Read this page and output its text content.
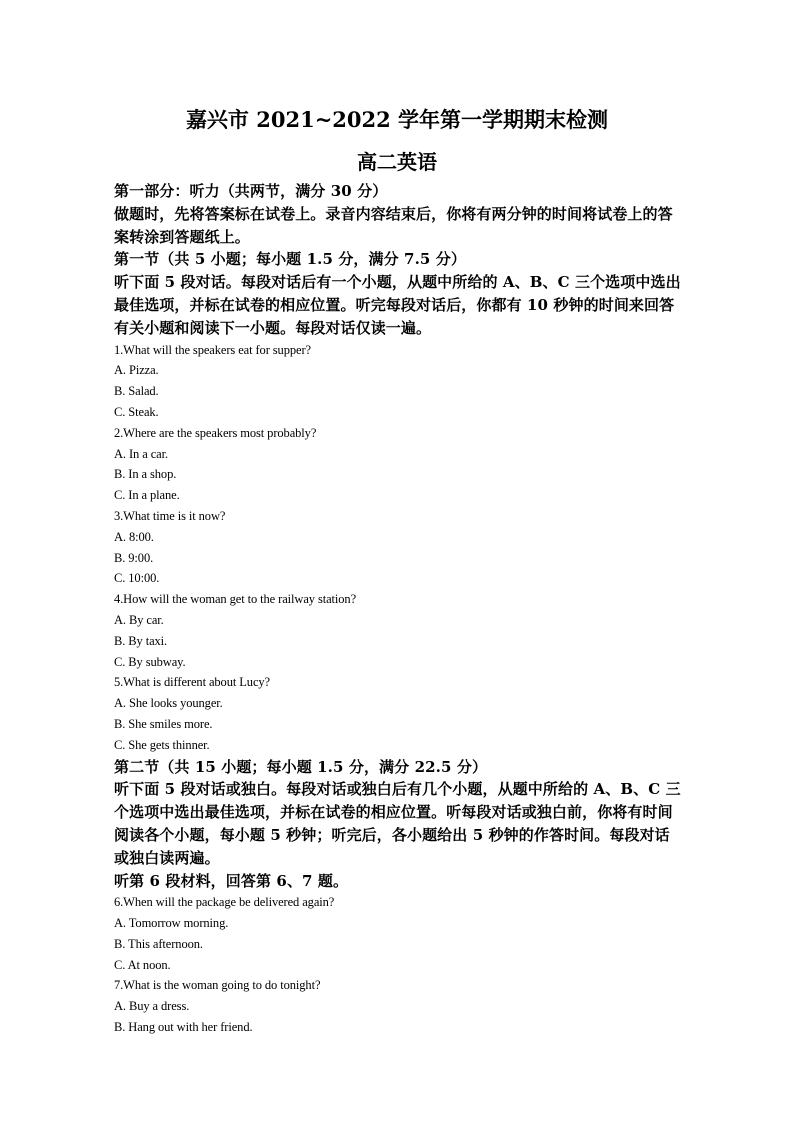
嘉兴市 2021~2022 学年第一学期期末检测
高二英语

第一部分：听力（共两节，满分 30 分）

做题时，先将答案标在试卷上。录音内容结束后，你将有两分钟的时间将试卷上的答案转涂到答题纸上。

第一节（共 5 小题；每小题 1.5 分，满分 7.5 分）

听下面 5 段对话。每段对话后有一个小题，从题中所给的 A、B、C 三个选项中选出最佳选项，并标在试卷的相应位置。听完每段对话后，你都有 10 秒钟的时间来回答有关小题和阅读下一小题。每段对话仅读一遍。

1.What will the speakers eat for supper?

A. Pizza.

B. Salad.

C. Steak.

2.Where are the speakers most probably?

A. In a car.

B. In a shop.

C. In a plane.

3.What time is it now?

A. 8:00.

B. 9:00.

C. 10:00.

4.How will the woman get to the railway station?

A. By car.

B. By taxi.

C. By subway.

5.What is different about Lucy?

A. She looks younger.

B. She smiles more.

C. She gets thinner.

第二节（共 15 小题；每小题 1.5 分，满分 22.5 分）

听下面 5 段对话或独白。每段对话或独白后有几个小题，从题中所给的 A、B、C 三个选项中选出最佳选项，并标在试卷的相应位置。听每段对话或独白前，你将有时间阅读各个小题，每小题 5 秒钟；听完后，各小题给出 5 秒钟的作答时间。每段对话或独白读两遍。

听第 6 段材料，回答第 6、7 题。

6.When will the package be delivered again?

A. Tomorrow morning.

B. This afternoon.

C. At noon.

7.What is the woman going to do tonight?

A. Buy a dress.

B. Hang out with her friend.
